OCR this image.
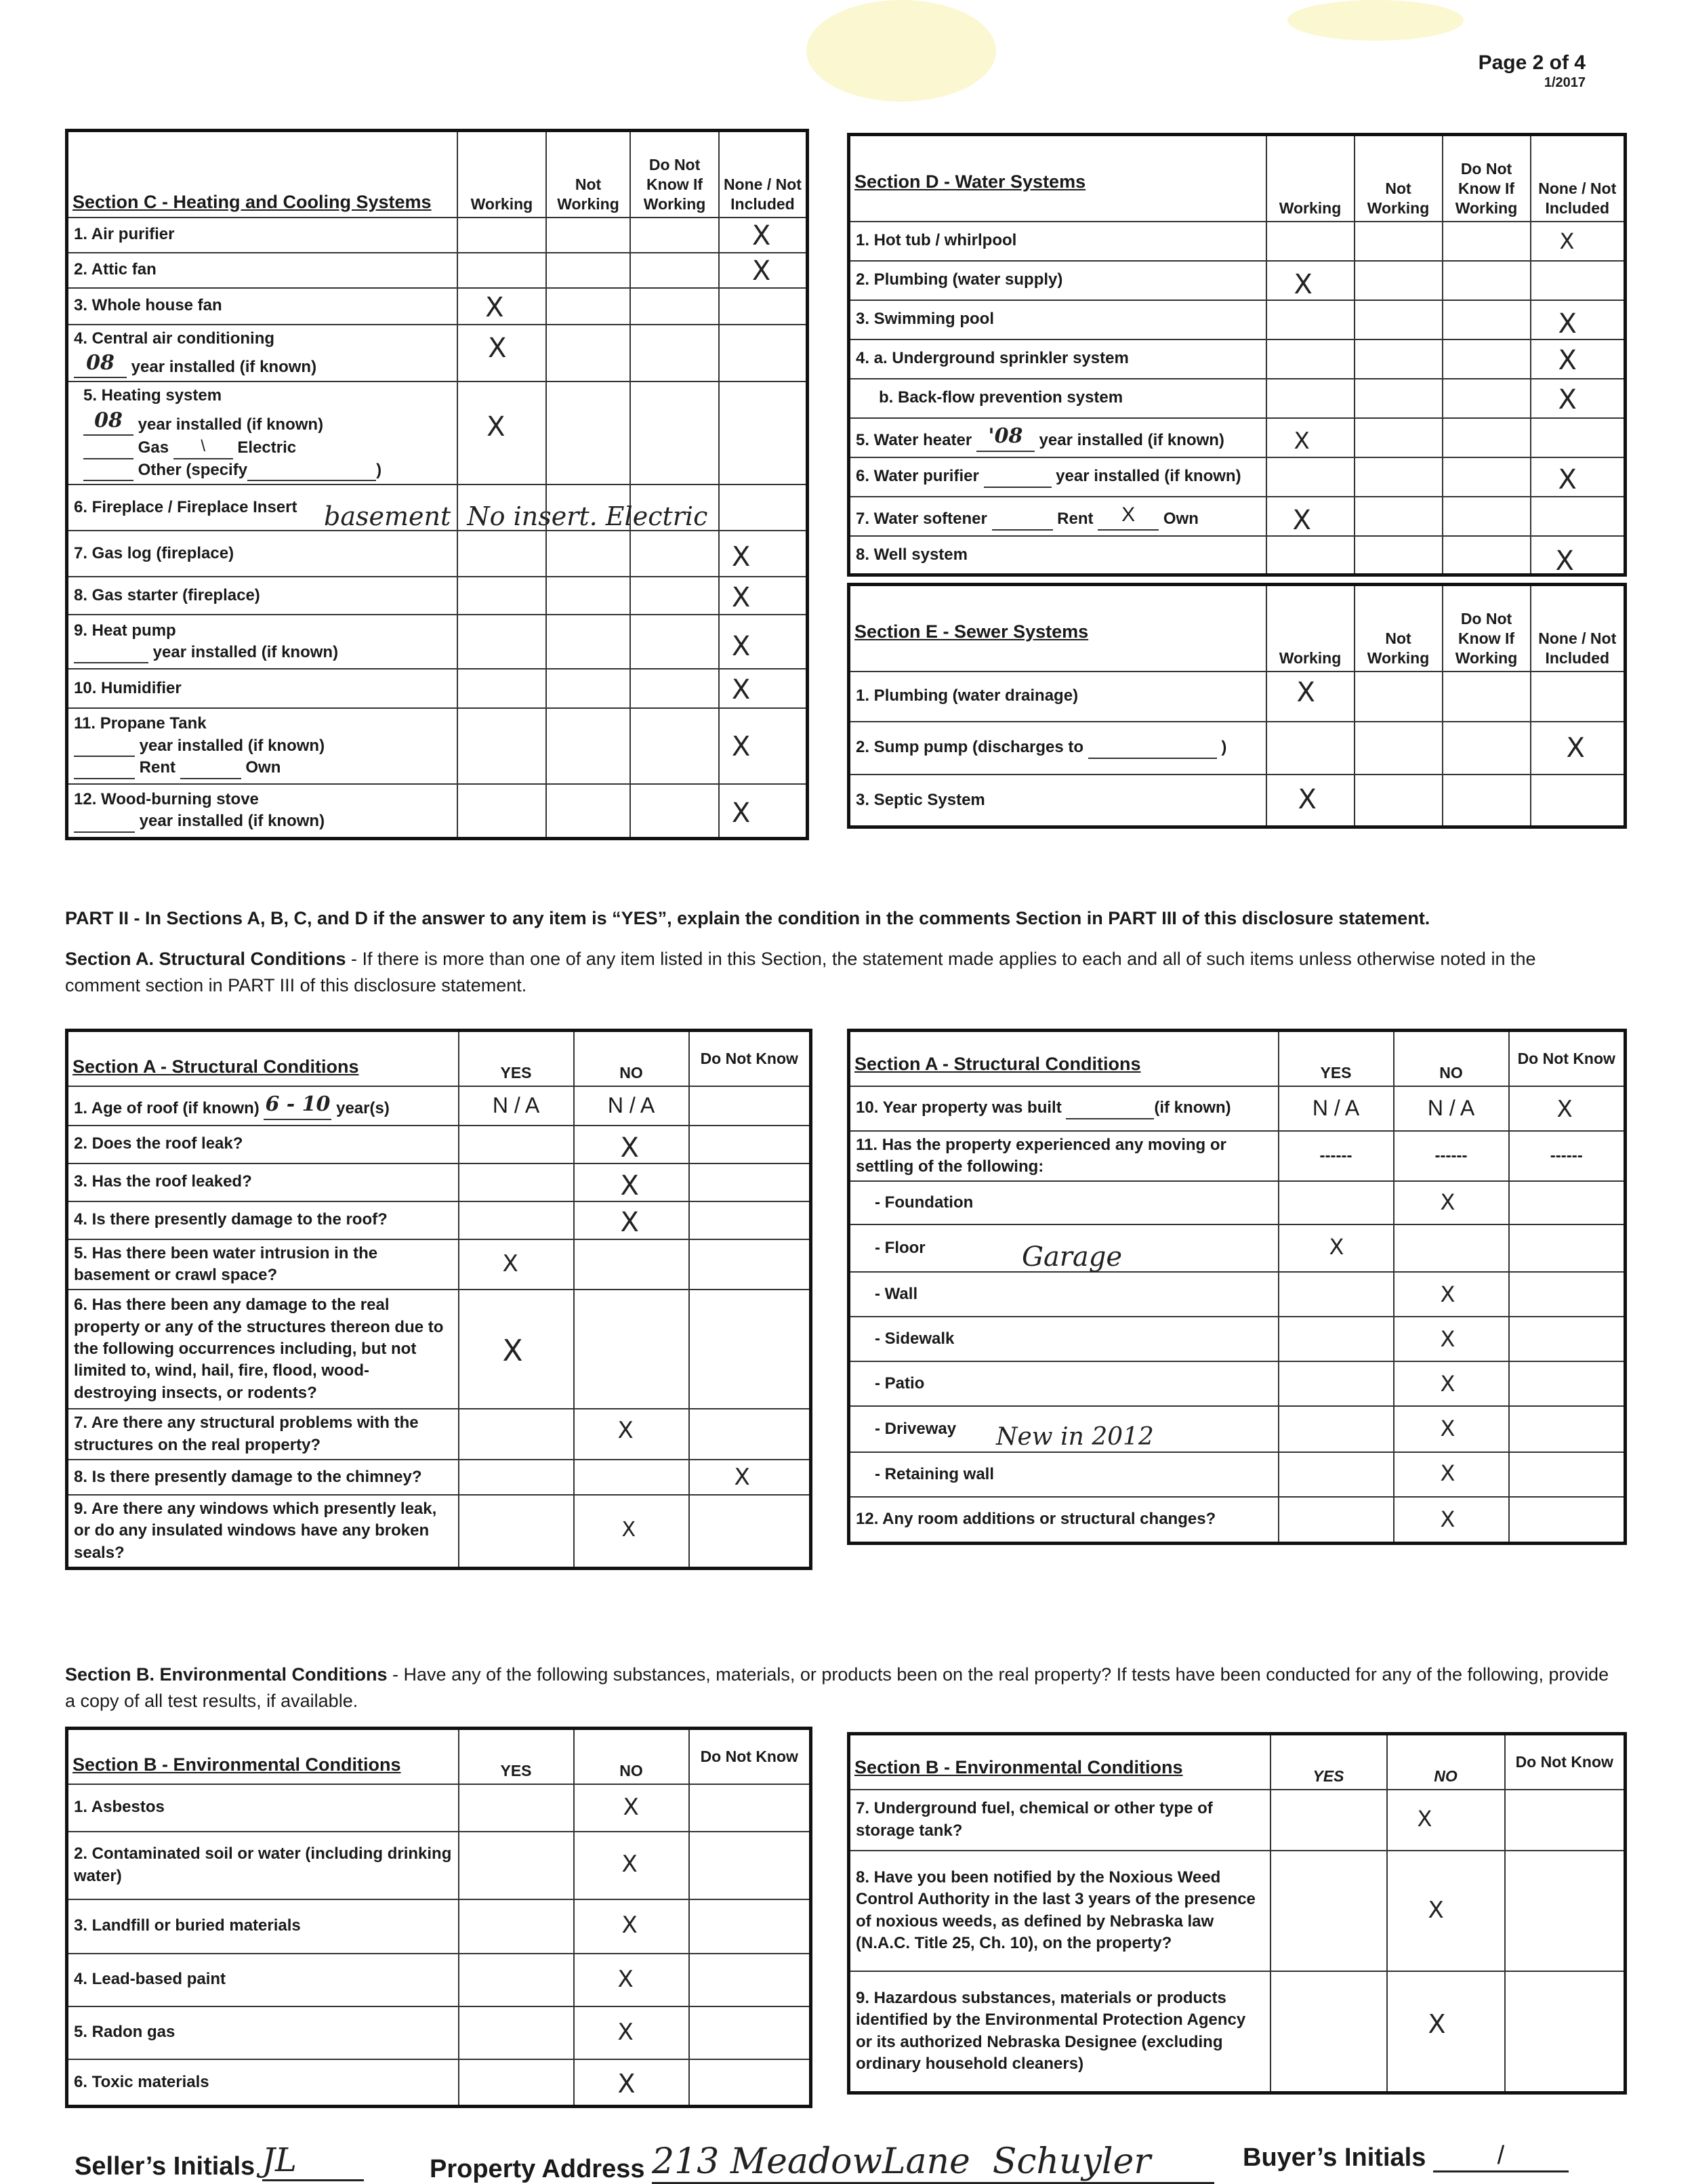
Page 2 of 4
1/2017
Section C - Heating and Cooling Systems	Working	Not Working	Do Not Know If Working	None / Not Included
1. Air purifier				X

2. Attic fan				X

3. Whole house fan	X			

4. Central air conditioning
08 year installed (if known)	X			

5. Heating system
08 year installed (if known)
Gas \ Electric
Other (specify )	X			

6. Fireplace / Fireplace Insert				
7. Gas log (fireplace)				X

8. Gas starter (fireplace)				X

9. Heat pump
year installed (if known)				X

10. Humidifier				X

11. Propane Tank
year installed (if known)
Rent Own				X

12. Wood-burning stove
year installed (if known)				X
basement  No insert. Electric
Section D - Water Systems	Working	Not Working	Do Not Know If Working	None / Not Included
1. Hot tub / whirlpool				X

2. Plumbing (water supply)	X			

3. Swimming pool				X

4. a. Underground sprinkler system				X

b. Back-flow prevention system				X

5. Water heater '08 year installed (if known)	X			

6. Water purifier year installed (if known)				X

7. Water softener Rent X Own	X			

8. Well system				X
Section E - Sewer Systems	Working	Not Working	Do Not Know If Working	None / Not Included
1. Plumbing (water drainage)	X			

2. Sump pump (discharges to )				X

3. Septic System	X			

PART II - In Sections A, B, C, and D if the answer to any item is “YES”, explain the condition in the comments Section in PART III of this disclosure statement.
Section A. Structural Conditions - If there is more than one of any item listed in this Section, the statement made applies to each and all of such items unless otherwise noted in the comment section in PART III of this disclosure statement.
Section A - Structural Conditions	YES	NO	Do Not Know
1. Age of roof (if known) 6 - 10 year(s)	N / A	N / A	
2. Does the roof leak?		X	

3. Has the roof leaked?		X	

4. Is there presently damage to the roof?		X	

5. Has there been water intrusion in the basement or crawl space?	X		

6. Has there been any damage to the real property or any of the structures thereon due to the following occurrences including, but not limited to, wind, hail, fire, flood, wood-destroying insects, or rodents?	X		

7. Are there any structural problems with the structures on the real property?		X	

8. Is there presently damage to the chimney?			X

9. Are there any windows which presently leak, or do any insulated windows have any broken seals?		X	

Section A - Structural Conditions	YES	NO	Do Not Know
10. Year property was built (if known)	N / A	N / A	X

11. Has the property experienced any moving or settling of the following:	------	------	------

- Foundation		X	

- Floor	X		

- Wall		X	

- Sidewalk		X	

- Patio		X	

- Driveway		X	

- Retaining wall		X	

12. Any room additions or structural changes?		X	

Garage
New in 2012
Section B. Environmental Conditions - Have any of the following substances, materials, or products been on the real property? If tests have been conducted for any of the following, provide a copy of all test results, if available.
Section B - Environmental Conditions	YES	NO	Do Not Know
1. Asbestos		X	

2. Contaminated soil or water (including drinking water)		X	

3. Landfill or buried materials		X	

4. Lead-based paint		X	

5. Radon gas		X	

6. Toxic materials		X	

Section B - Environmental Conditions	YES	NO	Do Not Know
7. Underground fuel, chemical or other type of storage tank?		X	

8. Have you been notified by the Noxious Weed Control Authority in the last 3 years of the presence of noxious weeds, as defined by Nebraska law (N.A.C. Title 25, Ch. 10), on the property?		X	

9. Hazardous substances, materials or products identified by the Environmental Protection Agency or its authorized Nebraska Designee (excluding ordinary household cleaners)		X	

Seller’s Initials JL	Property Address 213 MeadowLane  Schuyler	Buyer’s Initials	/
